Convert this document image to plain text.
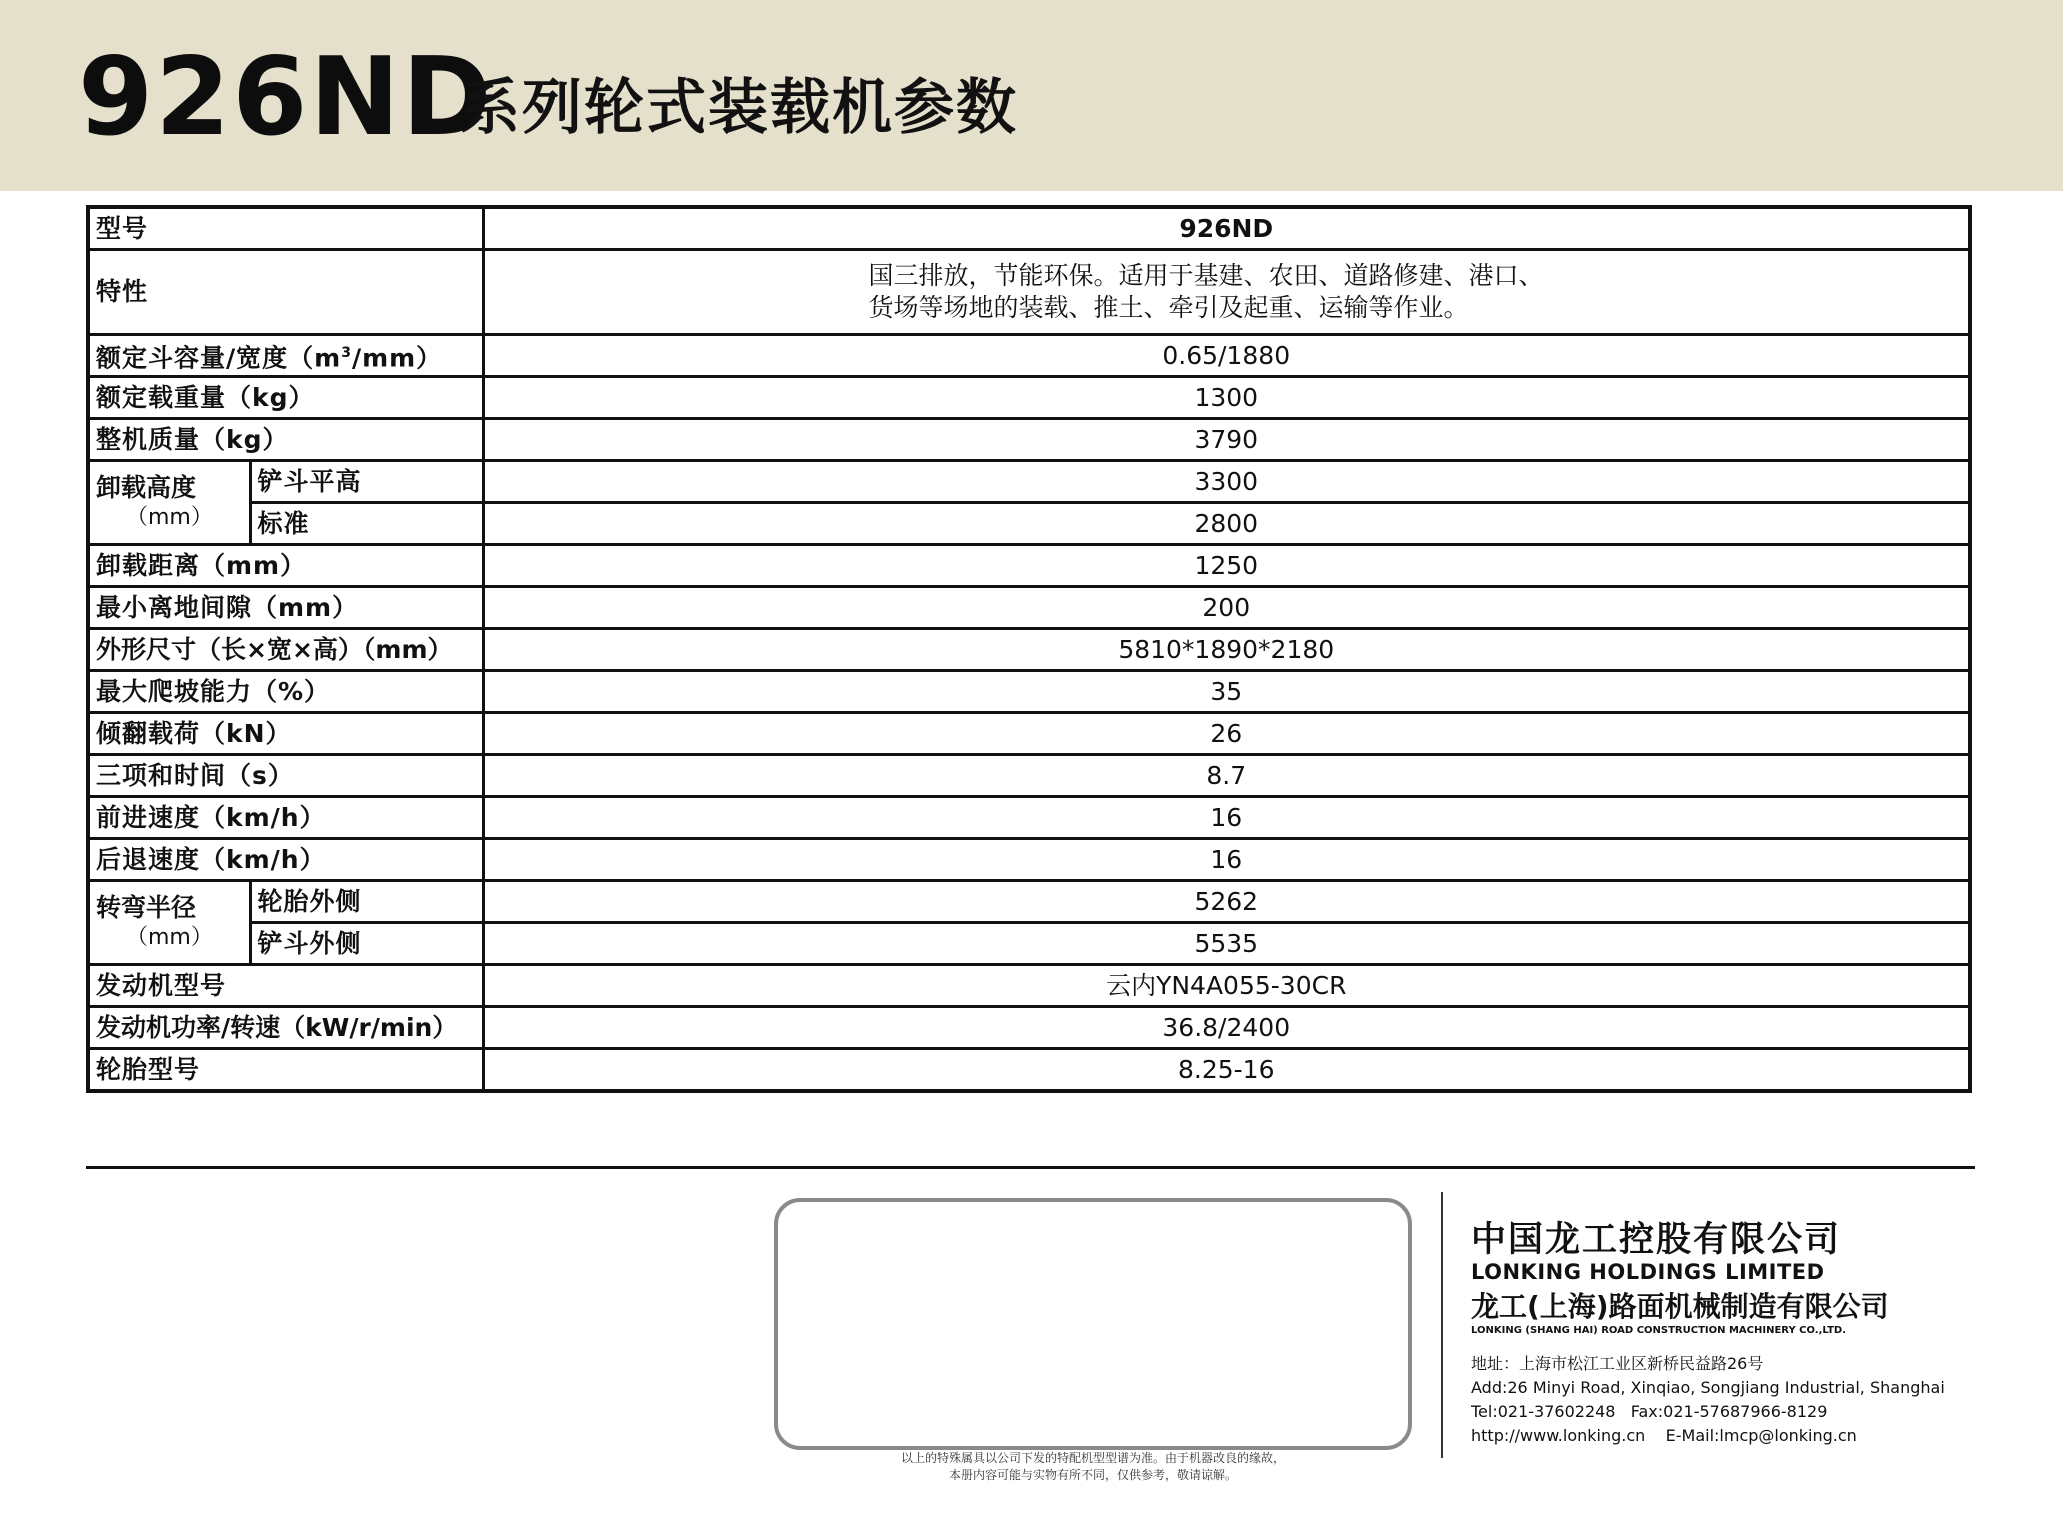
926ND
系列轮式装载机参数
型号		926ND
特性		国三排放，节能环保。适用于基建、农田、道路修建、港口、
货场等场地的装载、推土、牵引及起重、运输等作业。

额定斗容量/宽度$(m^3/mm)$		0.65/1880
额定载重量（kg）		1300
整机质量（kg）		3790
卸载高度
（mm）	铲斗平高	3300
	标准	2800
卸载距离（mm）		1250
最小离地间隙（mm）		200
外形尺寸（长×宽×高）（mm）		5810*1890*2180
最大爬坡能力（%）		35
倾翻载荷（kN）		26
三项和时间（s）		8.7
前进速度（km/h）		16
后退速度（km/h）		16
转弯半径
（mm）	轮胎外侧	5262
	铲斗外侧	5535
发动机型号		云内YN4A055-30CR
发动机功率/转速（kW/r/min）		36.8/2400
轮胎型号		8.25-16
以上的特殊属具以公司下发的特配机型型谱为准。由于机器改良的缘故，
本册内容可能与实物有所不同，仅供参考，敬请谅解。
中国龙工控股有限公司
LONKING HOLDINGS LIMITED
龙工(上海)路面机械制造有限公司
LONKING (SHANG HAI) ROAD CONSTRUCTION MACHINERY CO.,LTD.
地址：上海市松江工业区新桥民益路26号
Add:26 Minyi Road, Xinqiao, Songjiang Industrial, Shanghai
Tel:021-37602248 Fax:021-57687966-8129
http://www.lonking.cn E-Mail:lmcp@lonking.cn
